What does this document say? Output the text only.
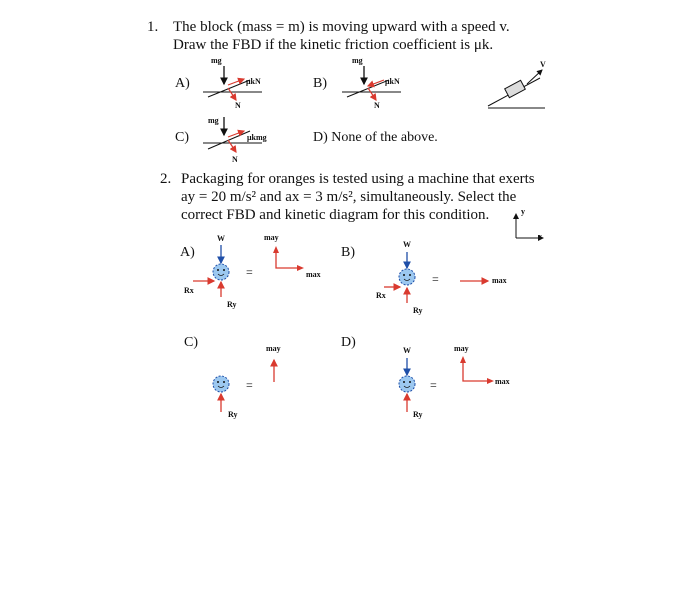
1. The block (mass = m) is moving upward with a speed v.
Draw the FBD if the kinetic friction coefficient is μk.
A)	B)
C)	D) None of the above.
mg
μkN
N
mg
μkN
N
V
mg
μkmg
N
2. Packaging for oranges is tested using a machine that exerts
ay = 20 m/s² and ax = 3 m/s², simultaneously. Select the
correct FBD and kinetic diagram for this condition.
A)	B)
C)	D)
x
y
W
Rx
Ry
=
may
max
W
Rx
Ry
=	max
=
may
Ry
W
=
may
max
Ry
